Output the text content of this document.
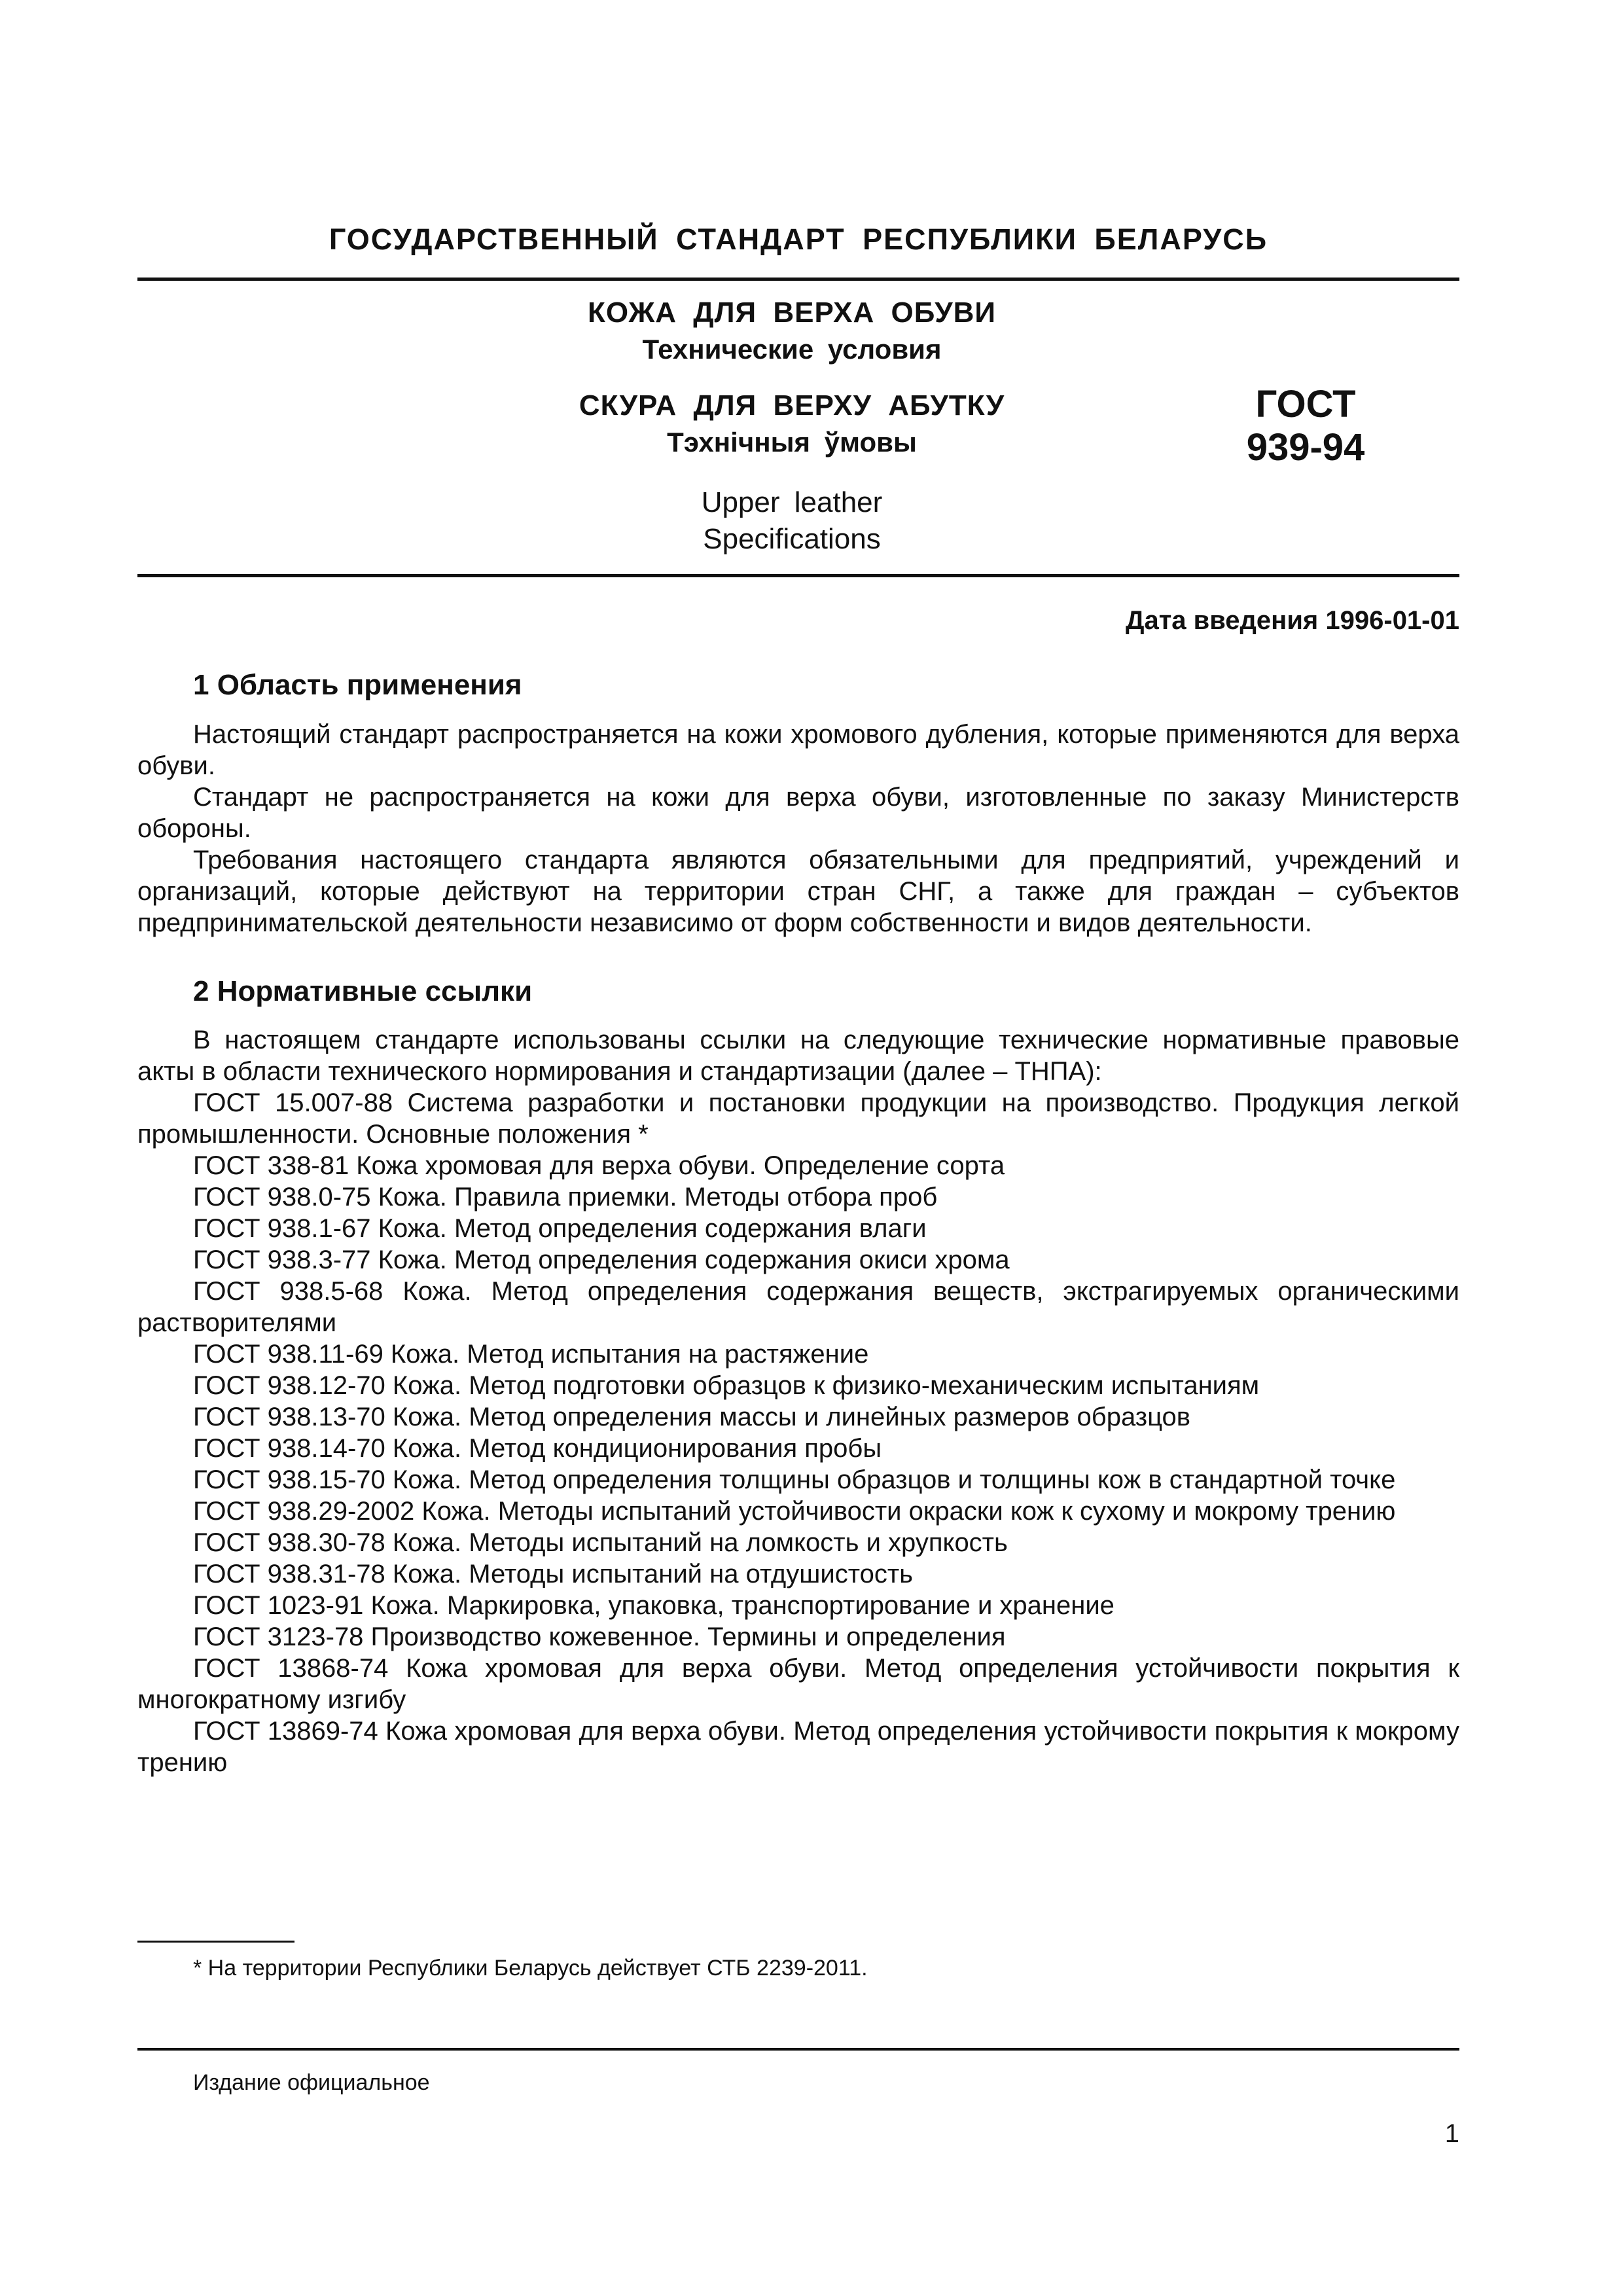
ГОСУДАРСТВЕННЫЙ СТАНДАРТ РЕСПУБЛИКИ БЕЛАРУСЬ
КОЖА ДЛЯ ВЕРХА ОБУВИ
Технические условия
СКУРА ДЛЯ ВЕРХУ АБУТКУ
Тэхнічныя ўмовы
Upper leather
Specifications
ГОСТ
939-94
Дата введения 1996-01-01
1 Область применения

Настоящий стандарт распространяется на кожи хромового дубления, которые применяются для верха обуви.

Стандарт не распространяется на кожи для верха обуви, изготовленные по заказу Министерств обороны.

Требования настоящего стандарта являются обязательными для предприятий, учреждений и организаций, которые действуют на территории стран СНГ, а также для граждан – субъектов предпринимательской деятельности независимо от форм собственности и видов деятельности.

2 Нормативные ссылки

В настоящем стандарте использованы ссылки на следующие технические нормативные правовые акты в области технического нормирования и стандартизации (далее – ТНПА):

ГОСТ 15.007-88 Система разработки и постановки продукции на производство. Продукция легкой промышленности. Основные положения *

ГОСТ 338-81 Кожа хромовая для верха обуви. Определение сорта

ГОСТ 938.0-75 Кожа. Правила приемки. Методы отбора проб

ГОСТ 938.1-67 Кожа. Метод определения содержания влаги

ГОСТ 938.3-77 Кожа. Метод определения содержания окиси хрома

ГОСТ 938.5-68 Кожа. Метод определения содержания веществ, экстрагируемых органическими растворителями

ГОСТ 938.11-69 Кожа. Метод испытания на растяжение

ГОСТ 938.12-70 Кожа. Метод подготовки образцов к физико-механическим испытаниям

ГОСТ 938.13-70 Кожа. Метод определения массы и линейных размеров образцов

ГОСТ 938.14-70 Кожа. Метод кондиционирования пробы

ГОСТ 938.15-70 Кожа. Метод определения толщины образцов и толщины кож в стандартной точке

ГОСТ 938.29-2002 Кожа. Методы испытаний устойчивости окраски кож к сухому и мокрому трению

ГОСТ 938.30-78 Кожа. Методы испытаний на ломкость и хрупкость

ГОСТ 938.31-78 Кожа. Методы испытаний на отдушистость

ГОСТ 1023-91 Кожа. Маркировка, упаковка, транспортирование и хранение

ГОСТ 3123-78 Производство кожевенное. Термины и определения

ГОСТ 13868-74 Кожа хромовая для верха обуви. Метод определения устойчивости покрытия к многократному изгибу

ГОСТ 13869-74 Кожа хромовая для верха обуви. Метод определения устойчивости покрытия к мокрому трению

* На территории Республики Беларусь действует СТБ 2239-2011.
Издание официальное
1
